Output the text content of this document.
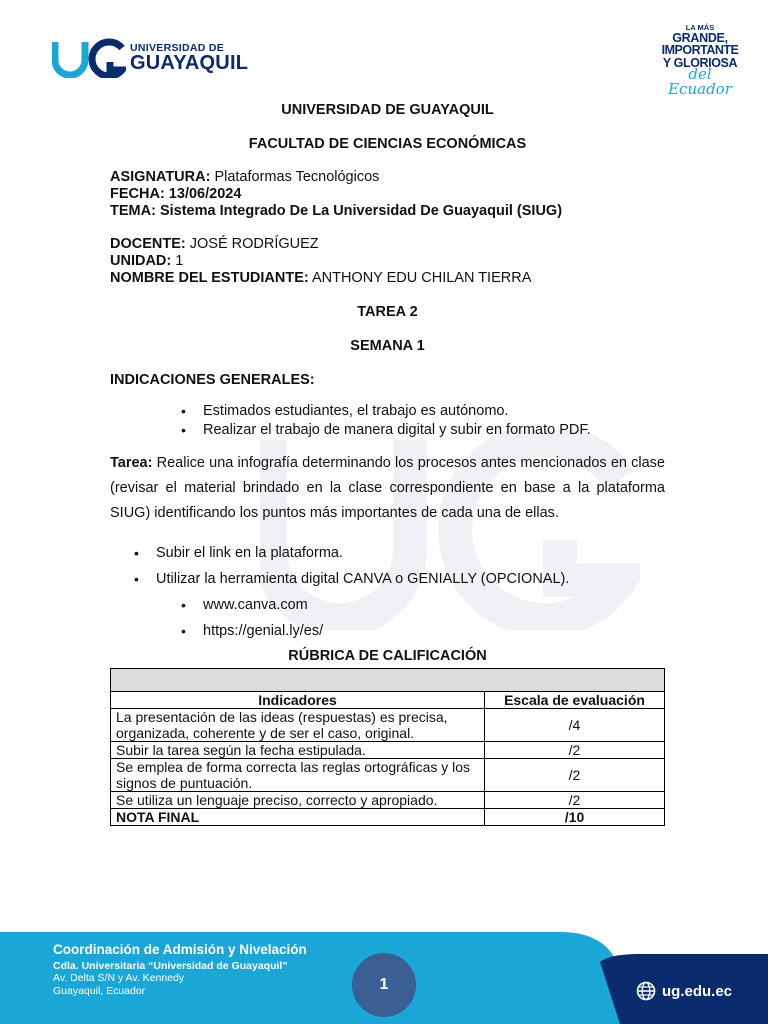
UNIVERSIDAD DE
GUAYAQUIL
LA MÁS
GRANDE,
IMPORTANTE
Y GLORIOSA
del Ecuador
UNIVERSIDAD DE GUAYAQUIL
FACULTAD DE CIENCIAS ECONÓMICAS
ASIGNATURA: Plataformas Tecnológicos
FECHA: 13/06/2024
TEMA: Sistema Integrado De La Universidad De Guayaquil (SIUG)
DOCENTE: JOSÉ RODRÍGUEZ
UNIDAD: 1
NOMBRE DEL ESTUDIANTE: ANTHONY EDU CHILAN TIERRA
TAREA 2
SEMANA 1
INDICACIONES GENERALES:
• Estimados estudiantes, el trabajo es autónomo.
• Realizar el trabajo de manera digital y subir en formato PDF.
Tarea: Realice una infografía determinando los procesos antes mencionados en clase (revisar el material brindado en la clase correspondiente en base a la plataforma SIUG) identificando los puntos más importantes de cada una de ellas.
• Subir el link en la plataforma.
• Utilizar la herramienta digital CANVA o GENIALLY (OPCIONAL).
• www.canva.com
• https://genial.ly/es/
RÚBRICA DE CALIFICACIÓN

Indicadores	Escala de evaluación
La presentación de las ideas (respuestas) es precisa, organizada, coherente y de ser el caso, original.	/4
Subir la tarea según la fecha estipulada.	/2
Se emplea de forma correcta las reglas ortográficas y los signos de puntuación.	/2
Se utiliza un lenguaje preciso, correcto y apropiado.	/2
NOTA FINAL	/10
Coordinación de Admisión y Nivelación
Cdla. Universitaria “Universidad de Guayaquil”
Av. Delta S/N y Av. Kennedy
Guayaquil, Ecuador	1	ug.edu.ec
